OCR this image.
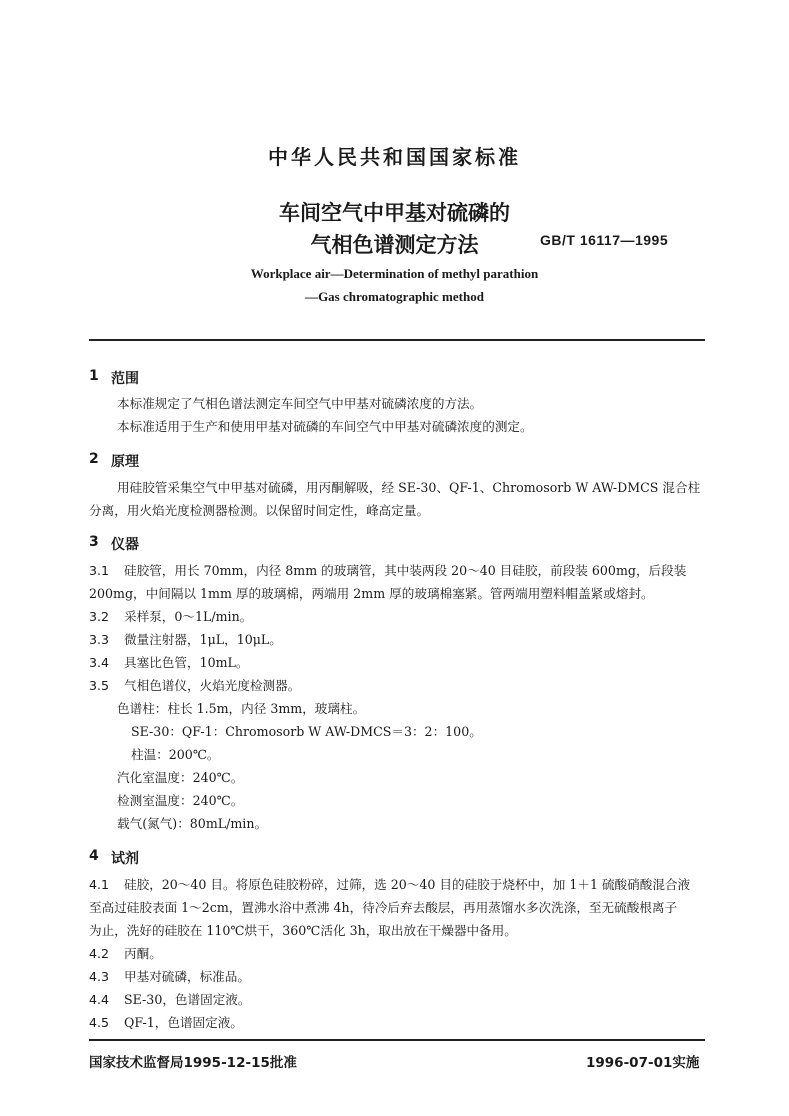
中华人民共和国国家标准
车间空气中甲基对硫磷的
气相色谱测定方法	GB/T 16117—1995
Workplace air—Determination of methyl parathion
—Gas chromatographic method
1 范围
本标准规定了气相色谱法测定车间空气中甲基对硫磷浓度的方法。
本标准适用于生产和使用甲基对硫磷的车间空气中甲基对硫磷浓度的测定。
2 原理
用硅胶管采集空气中甲基对硫磷，用丙酮解吸，经 SE-30、QF-1、Chromosorb W AW-DMCS 混合柱
分离，用火焰光度检测器检测。以保留时间定性，峰高定量。
3 仪器
3.1 硅胶管，用长 70mm，内径 8mm 的玻璃管，其中装两段 20～40 目硅胶，前段装 600mg，后段装
200mg，中间隔以 1mm 厚的玻璃棉，两端用 2mm 厚的玻璃棉塞紧。管两端用塑料帽盖紧或熔封。
3.2 采样泵，0～1L/min。
3.3 微量注射器，1μL，10μL。
3.4 具塞比色管，10mL。
3.5 气相色谱仪，火焰光度检测器。
色谱柱：柱长 1.5m，内径 3mm，玻璃柱。
SE-30：QF-1：Chromosorb W AW-DMCS＝3：2：100。
柱温：200℃。
汽化室温度：240℃。
检测室温度：240℃。
载气(氮气)：80mL/min。
4 试剂
4.1 硅胶，20～40 目。将原色硅胶粉碎，过筛，选 20～40 目的硅胶于烧杯中，加 1＋1 硫酸硝酸混合液
至高过硅胶表面 1～2cm，置沸水浴中煮沸 4h，待冷后弃去酸层，再用蒸馏水多次洗涤，至无硫酸根离子
为止，洗好的硅胶在 110℃烘干，360℃活化 3h，取出放在干燥器中备用。
4.2 丙酮。
4.3 甲基对硫磷，标准品。
4.4 SE-30，色谱固定液。
4.5 QF-1，色谱固定液。
国家技术监督局1995-12-15批准	1996-07-01实施
